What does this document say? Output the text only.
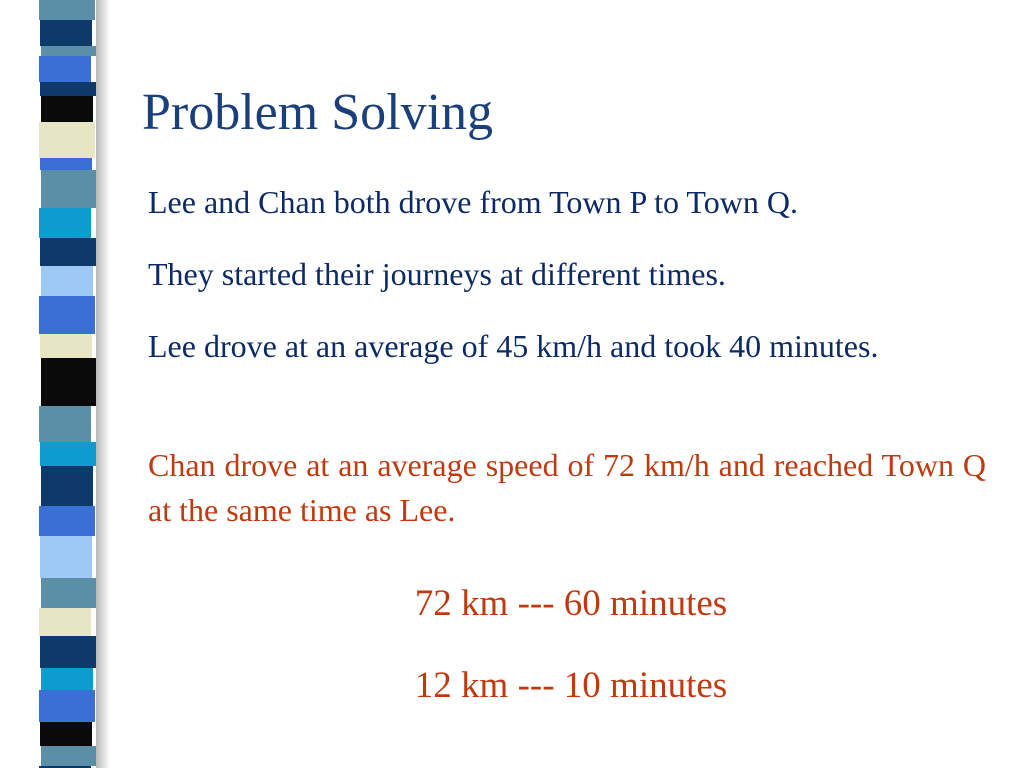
Problem Solving

Lee and Chan both drove from Town P to Town Q.

They started their journeys at different times.

Lee drove at an average of 45 km/h and took 40 minutes.

Chan drove at an average speed of 72 km/h and reached Town Q at the same time as Lee.

72 km --- 60 minutes
12 km --- 10 minutes
